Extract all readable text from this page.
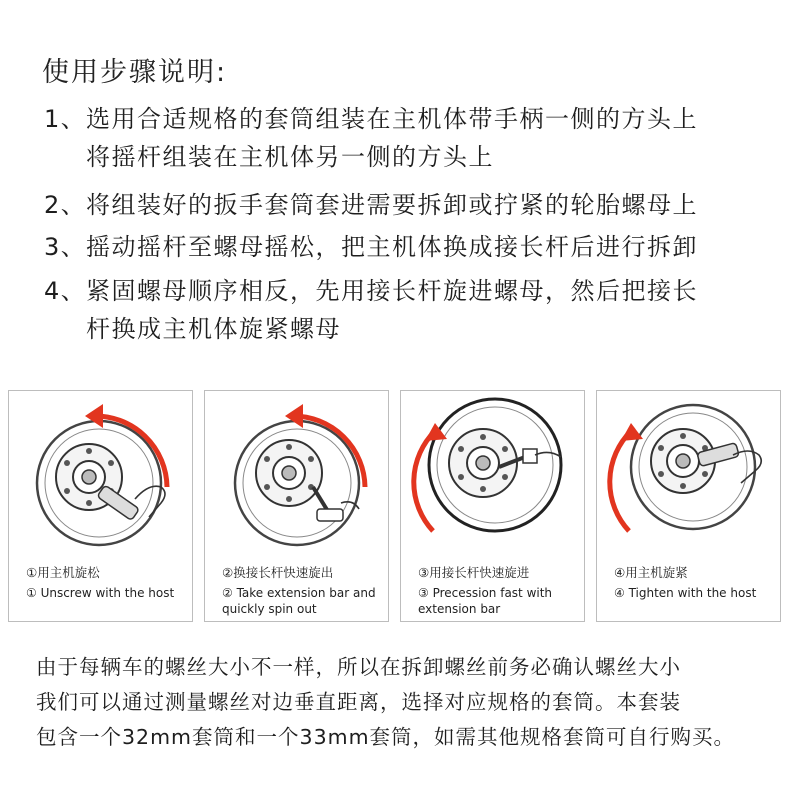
使用步骤说明:
1、选用合适规格的套筒组装在主机体带手柄一侧的方头上
将摇杆组装在主机体另一侧的方头上
2、将组装好的扳手套筒套进需要拆卸或拧紧的轮胎螺母上
3、摇动摇杆至螺母摇松，把主机体换成接长杆后进行拆卸
4、紧固螺母顺序相反，先用接长杆旋进螺母，然后把接长
杆换成主机体旋紧螺母
①用主机旋松
① Unscrew with the host
②换接长杆快速旋出
② Take extension bar and quickly spin out
③用接长杆快速旋进
③ Precession fast with extension bar
④用主机旋紧
④ Tighten with the host
由于每辆车的螺丝大小不一样，所以在拆卸螺丝前务必确认螺丝大小
我们可以通过测量螺丝对边垂直距离，选择对应规格的套筒。本套装
包含一个32mm套筒和一个33mm套筒，如需其他规格套筒可自行购买。
